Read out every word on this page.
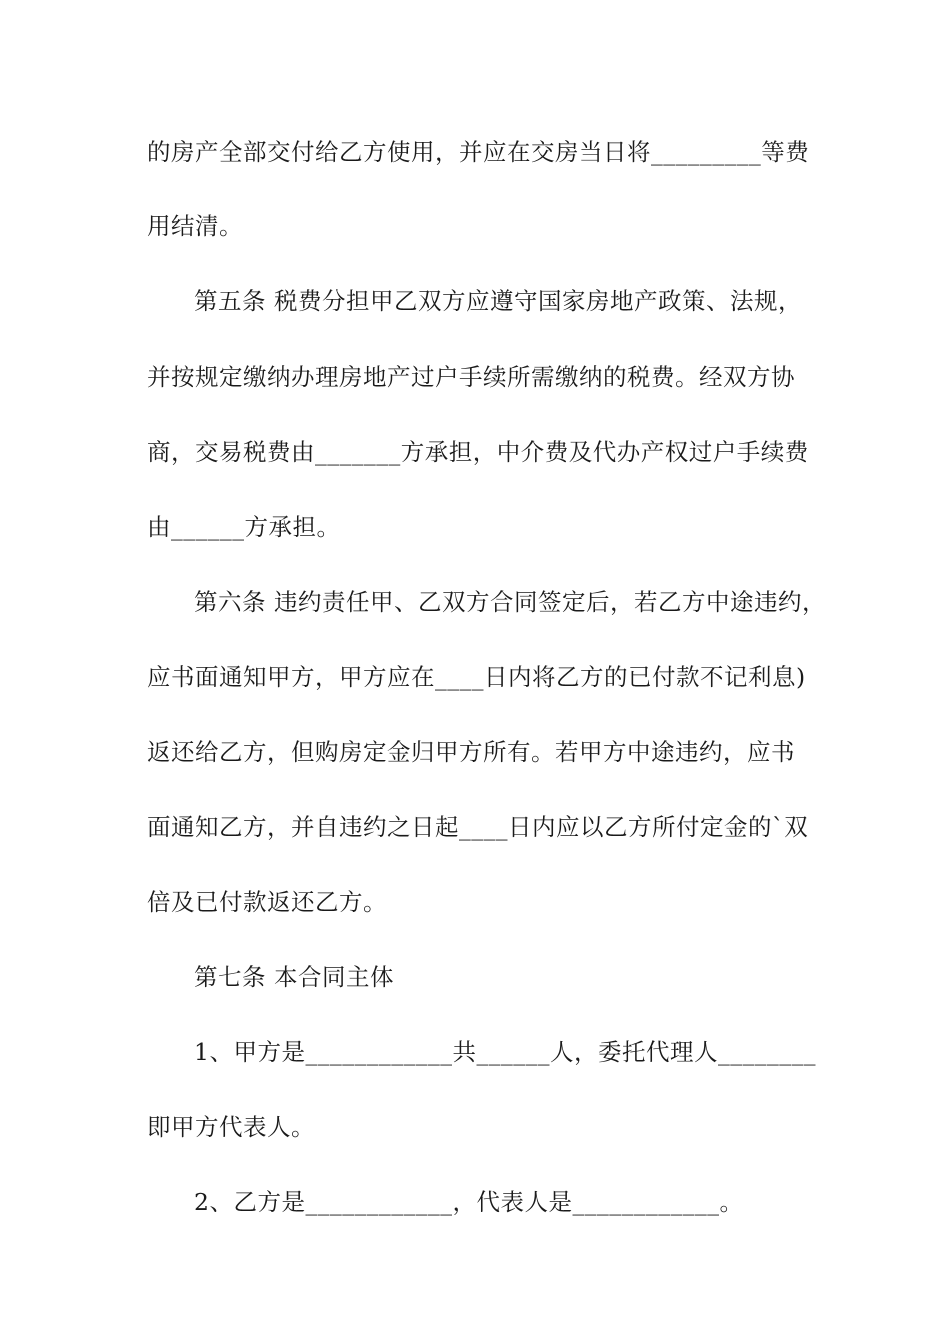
的房产全部交付给乙方使用，并应在交房当日将_________等费
用结清。
第五条 税费分担甲乙双方应遵守国家房地产政策、法规，
并按规定缴纳办理房地产过户手续所需缴纳的税费。经双方协
商，交易税费由_______方承担，中介费及代办产权过户手续费
由______方承担。
第六条 违约责任甲、乙双方合同签定后，若乙方中途违约，
应书面通知甲方，甲方应在____日内将乙方的已付款不记利息)
返还给乙方，但购房定金归甲方所有。若甲方中途违约，应书
面通知乙方，并自违约之日起____日内应以乙方所付定金的`双
倍及已付款返还乙方。
第七条 本合同主体
1、甲方是____________共______人，委托代理人________
即甲方代表人。
2、乙方是____________，代表人是____________。
